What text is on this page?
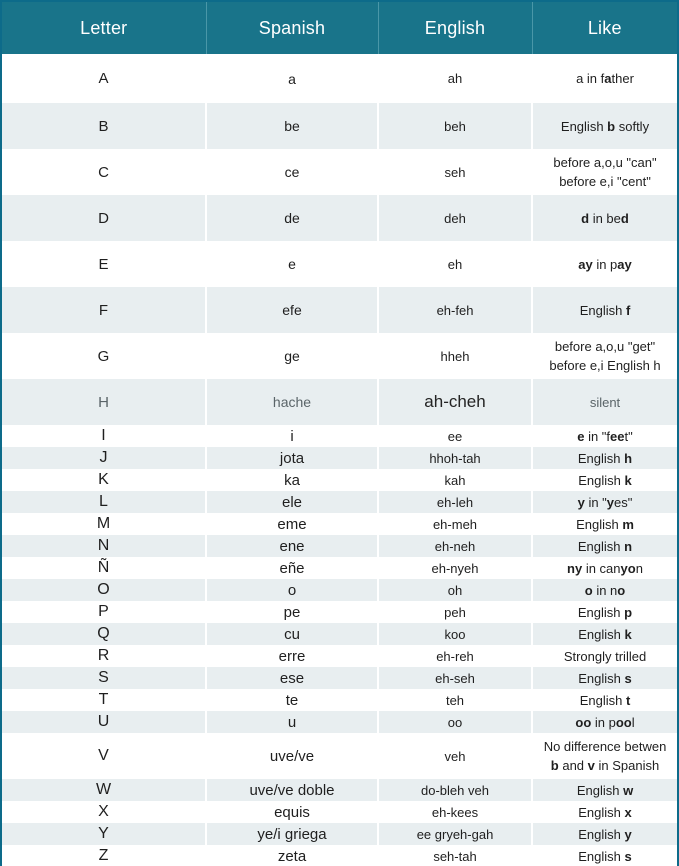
Letter	Spanish	English	Like
A	a	ah	a in father

B	be	beh	English b softly

C	ce	seh	before a,o,u "can"
before e,i "cent"

D	de	deh	d in bed

E	e	eh	ay in pay

F	efe	eh-feh	English f

G	ge	hheh	before a,o,u "get"
before e,i English h

H	hache	ah-cheh	silent

I	i	ee	e in "feet"

J	jota	hhoh-tah	English h

K	ka	kah	English k

L	ele	eh-leh	y in "yes"

M	eme	eh-meh	English m

N	ene	eh-neh	English n

Ñ	eñe	eh-nyeh	ny in canyon

O	o	oh	o in no

P	pe	peh	English p

Q	cu	koo	English k

R	erre	eh-reh	Strongly trilled

S	ese	eh-seh	English s

T	te	teh	English t

U	u	oo	oo in pool

V	uve/ve	veh	No difference betwen
b and v in Spanish

W	uve/ve doble	do-bleh veh	English w

X	equis	eh-kees	English x

Y	ye/i griega	ee gryeh-gah	English y

Z	zeta	seh-tah	English s
